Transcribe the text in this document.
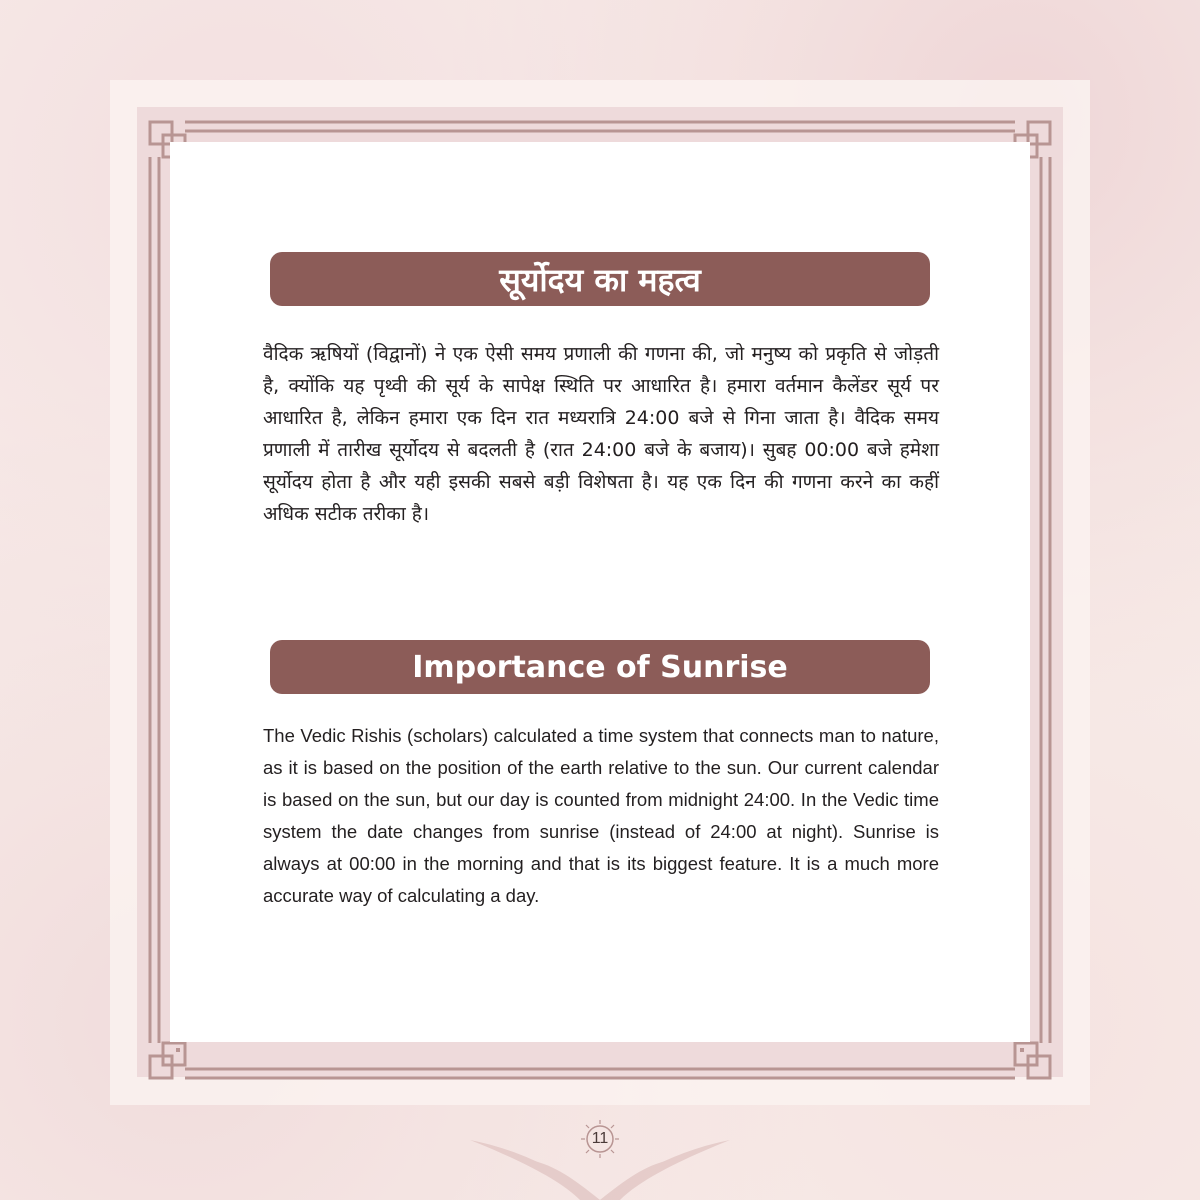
सूर्योदय का महत्व
वैदिक ऋषियों (विद्वानों) ने एक ऐसी समय प्रणाली की गणना की, जो मनुष्य को प्रकृति से जोड़ती है, क्योंकि यह पृथ्वी की सूर्य के सापेक्ष स्थिति पर आधारित है। हमारा वर्तमान कैलेंडर सूर्य पर आधारित है, लेकिन हमारा एक दिन रात मध्यरात्रि 24:00 बजे से गिना जाता है। वैदिक समय प्रणाली में तारीख सूर्योदय से बदलती है (रात 24:00 बजे के बजाय)। सुबह 00:00 बजे हमेशा सूर्योदय होता है और यही इसकी सबसे बड़ी विशेषता है। यह एक दिन की गणना करने का कहीं अधिक सटीक तरीका है।
Importance of Sunrise
The Vedic Rishis (scholars) calculated a time system that connects man to nature, as it is based on the position of the earth relative to the sun. Our current calendar is based on the sun, but our day is counted from midnight 24:00. In the Vedic time system the date changes from sunrise (instead of 24:00 at night). Sunrise is always at 00:00 in the morning and that is its biggest feature. It is a much more accurate way of calculating a day.
11
